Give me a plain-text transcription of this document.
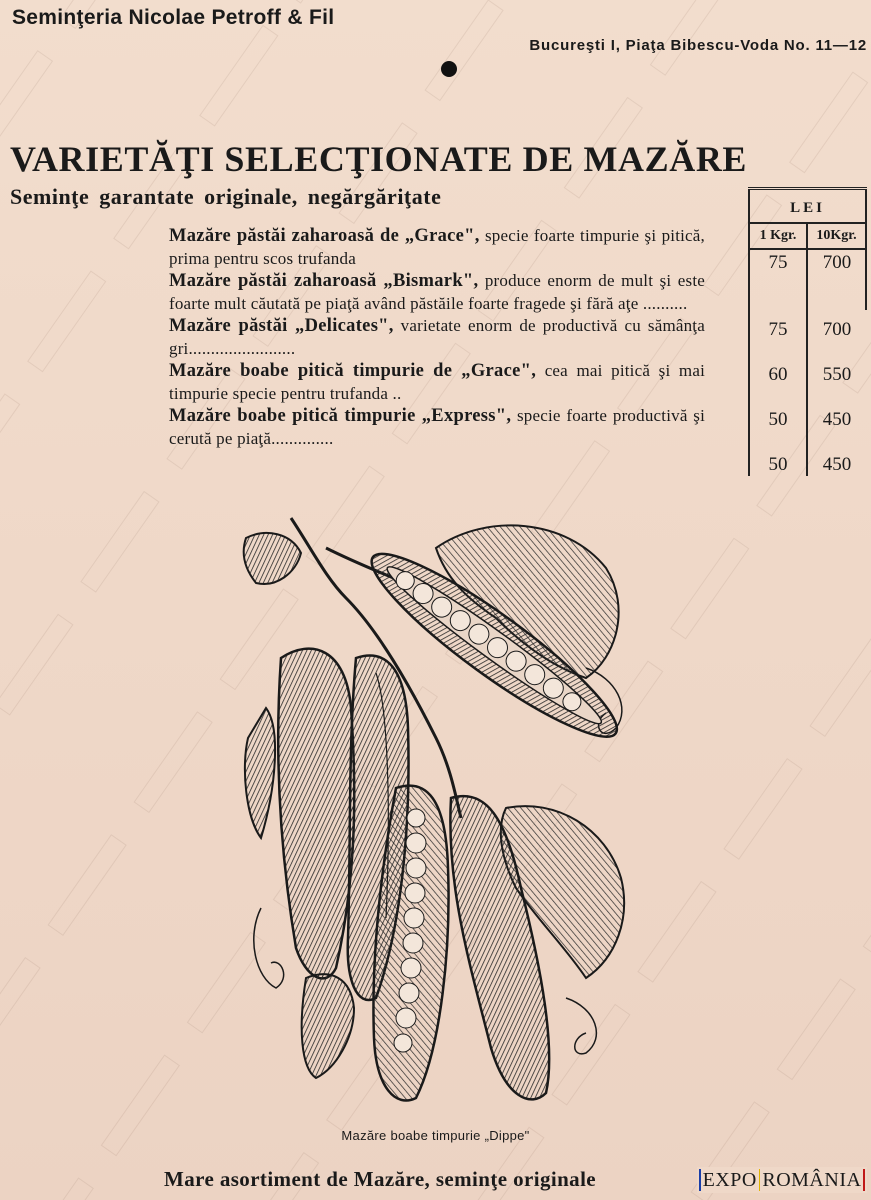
Seminţeria Nicolae Petroff & Fil
Bucureşti I, Piaţa Bibescu-Voda No. 11—12
VARIETĂŢI SELECŢIONATE DE MAZĂRE
Seminţe garantate originale, negărgăriţate

Mazăre păstăi zaharoasă de „Grace", specie foarte timpurie şi pitică, prima pentru scos trufanda

Mazăre păstăi zaharoasă „Bismark", produce enorm de mult şi este foarte mult căutată pe piaţă având păstăile foarte fragede şi fără aţe ..........

Mazăre păstăi „Delicates", varietate enorm de productivă cu sămânţa gri........................

Mazăre boabe pitică timpurie de „Grace", cea mai pitică şi mai timpurie specie pentru trufanda ..

Mazăre boabe pitică timpurie „Express", specie foarte productivă şi cerută pe piaţă..............

LEI
1 Kgr.	10Kgr.
75	700
75	700
60	550
50	450
50	450
Mazăre boabe timpurie „Dippe"
Mare asortiment de Mazăre, seminţe originale	EXPO ROMÂNIA
